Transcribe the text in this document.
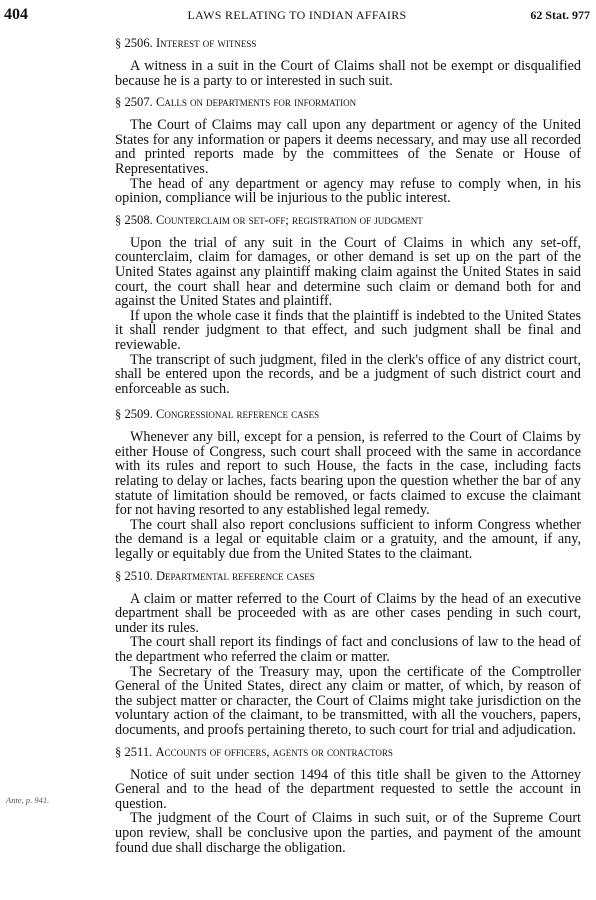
404	LAWS RELATING TO INDIAN AFFAIRS	62 Stat. 977
Ante, p. 941.
§ 2506. Interest of witness

A witness in a suit in the Court of Claims shall not be exempt or disqualified because he is a party to or interested in such suit.

§ 2507. Calls on departments for information

The Court of Claims may call upon any department or agency of the United States for any information or papers it deems necessary, and may use all recorded and printed reports made by the committees of the Senate or House of Representatives.

The head of any department or agency may refuse to comply when, in his opinion, compliance will be injurious to the public interest.

§ 2508. Counterclaim or set-off; registration of judgment

Upon the trial of any suit in the Court of Claims in which any set-off, counterclaim, claim for damages, or other demand is set up on the part of the United States against any plaintiff making claim against the United States in said court, the court shall hear and determine such claim or demand both for and against the United States and plaintiff.

If upon the whole case it finds that the plaintiff is indebted to the United States it shall render judgment to that effect, and such judgment shall be final and reviewable.

The transcript of such judgment, filed in the clerk's office of any district court, shall be entered upon the records, and be a judgment of such district court and enforceable as such.

§ 2509. Congressional reference cases

Whenever any bill, except for a pension, is referred to the Court of Claims by either House of Congress, such court shall proceed with the same in accordance with its rules and report to such House, the facts in the case, including facts relating to delay or laches, facts bearing upon the question whether the bar of any statute of limitation should be removed, or facts claimed to excuse the claimant for not having resorted to any established legal remedy.

The court shall also report conclusions sufficient to inform Congress whether the demand is a legal or equitable claim or a gratuity, and the amount, if any, legally or equitably due from the United States to the claimant.

§ 2510. Departmental reference cases

A claim or matter referred to the Court of Claims by the head of an executive department shall be proceeded with as are other cases pending in such court, under its rules.

The court shall report its findings of fact and conclusions of law to the head of the department who referred the claim or matter.

The Secretary of the Treasury may, upon the certificate of the Comptroller General of the United States, direct any claim or matter, of which, by reason of the subject matter or character, the Court of Claims might take jurisdiction on the voluntary action of the claimant, to be transmitted, with all the vouchers, papers, documents, and proofs pertaining thereto, to such court for trial and adjudication.

§ 2511. Accounts of officers, agents or contractors

Notice of suit under section 1494 of this title shall be given to the Attorney General and to the head of the department requested to settle the account in question.

The judgment of the Court of Claims in such suit, or of the Supreme Court upon review, shall be conclusive upon the parties, and payment of the amount found due shall discharge the obligation.
